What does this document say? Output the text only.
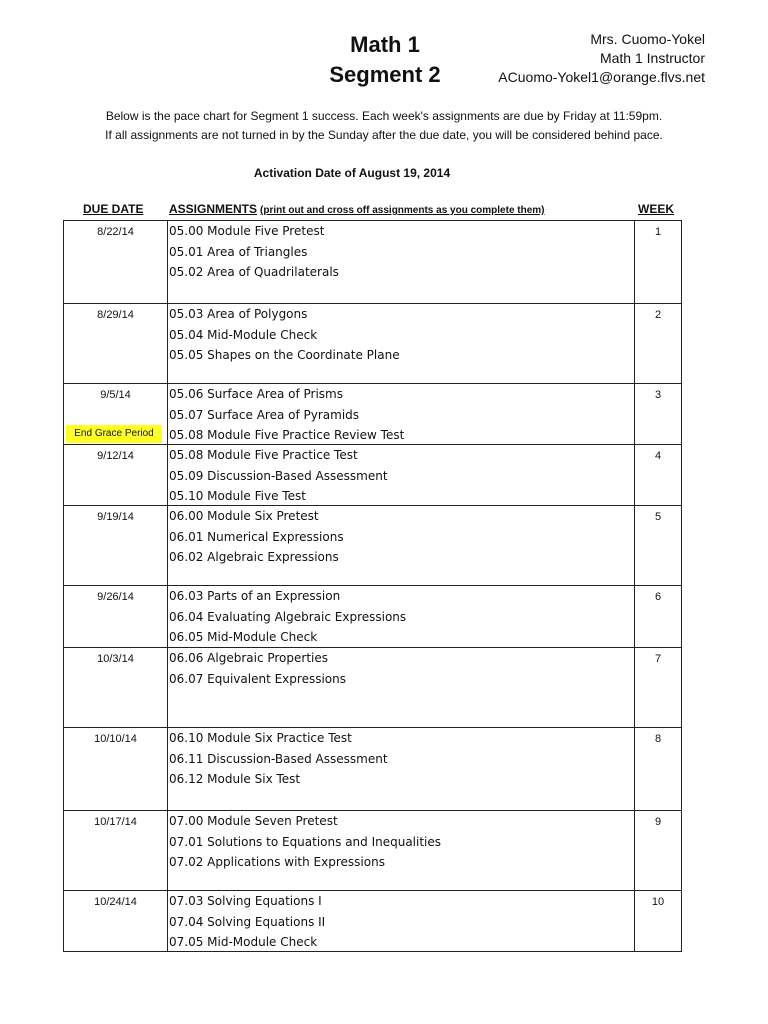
Math 1
Segment 2
Mrs. Cuomo-Yokel
Math 1 Instructor
ACuomo-Yokel1@orange.flvs.net
Below is the pace chart for Segment 1 success. Each week's assignments are due by Friday at 11:59pm.
If all assignments are not turned in by the Sunday after the due date, you will be considered behind pace.
Activation Date of August 19, 2014
DUE DATE ASSIGNMENTS (print out and cross off assignments as you complete them)	WEEK
8/22/14	05.00 Module Five Pretest
05.01 Area of Triangles
05.02 Area of Quadrilaterals
1
8/29/14	05.03 Area of Polygons
05.04 Mid-Module Check
05.05 Shapes on the Coordinate Plane
2
9/5/14
End Grace Period
05.06 Surface Area of Prisms
05.07 Surface Area of Pyramids
05.08 Module Five Practice Review Test
3
9/12/14	05.08 Module Five Practice Test
05.09 Discussion-Based Assessment
05.10 Module Five Test
4
9/19/14	06.00 Module Six Pretest
06.01 Numerical Expressions
06.02 Algebraic Expressions
5
9/26/14	06.03 Parts of an Expression
06.04 Evaluating Algebraic Expressions
06.05 Mid-Module Check
6
10/3/14	06.06 Algebraic Properties
06.07 Equivalent Expressions
7
10/10/14	06.10 Module Six Practice Test
06.11 Discussion-Based Assessment
06.12 Module Six Test
8
10/17/14	07.00 Module Seven Pretest
07.01 Solutions to Equations and Inequalities
07.02 Applications with Expressions
9
10/24/14	07.03 Solving Equations I
07.04 Solving Equations II
07.05 Mid-Module Check
10
